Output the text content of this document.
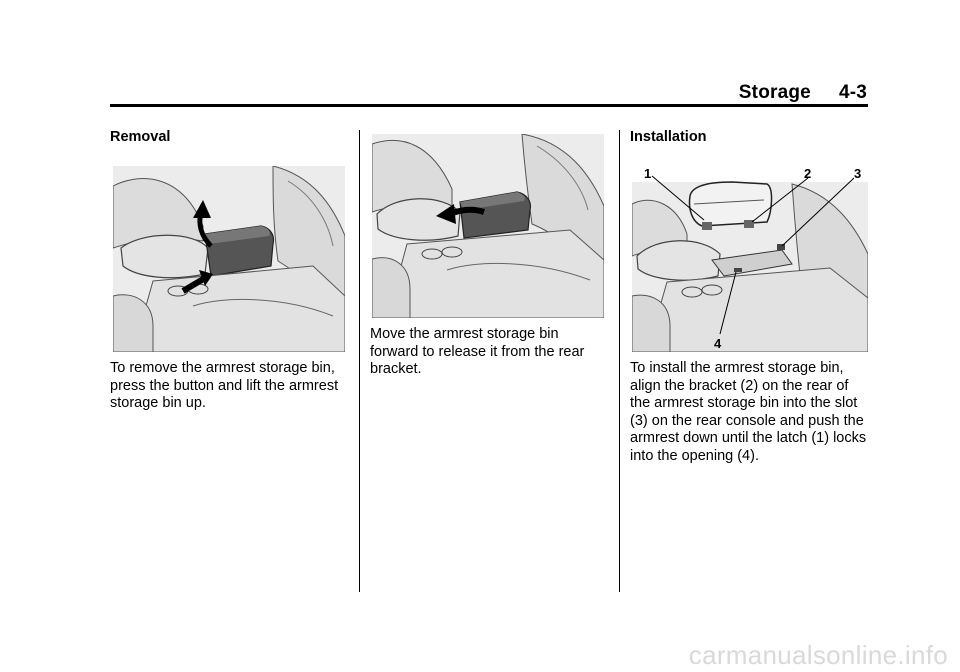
Storage 4-3
Removal
To remove the armrest storage bin, press the button and lift the armrest storage bin up.
Move the armrest storage bin forward to release it from the rear bracket.
Installation
1	2	3
4
To install the armrest storage bin, align the bracket (2) on the rear of the armrest storage bin into the slot (3) on the rear console and push the armrest down until the latch (1) locks into the opening (4).
carmanualsonline.info
